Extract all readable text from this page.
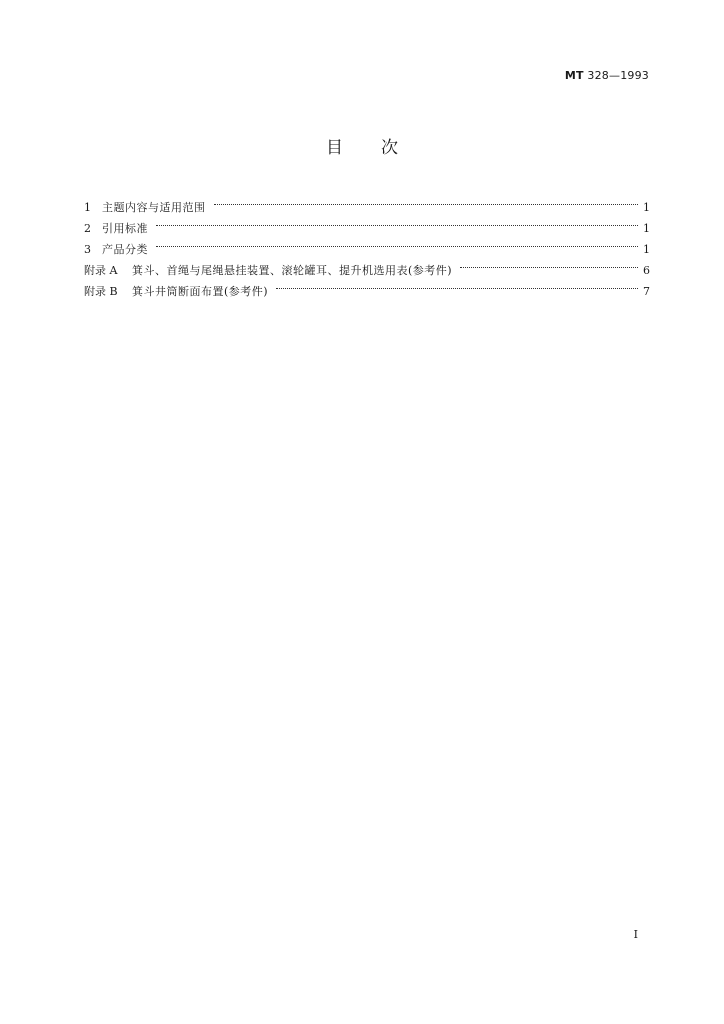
MT 328—1993
目次
1	主题内容与适用范围	1
2	引用标准	1
3	产品分类	1
附录 A	箕斗、首绳与尾绳悬挂装置、滚轮罐耳、提升机选用表(参考件)	6
附录 B	箕斗井筒断面布置(参考件)	7
I
